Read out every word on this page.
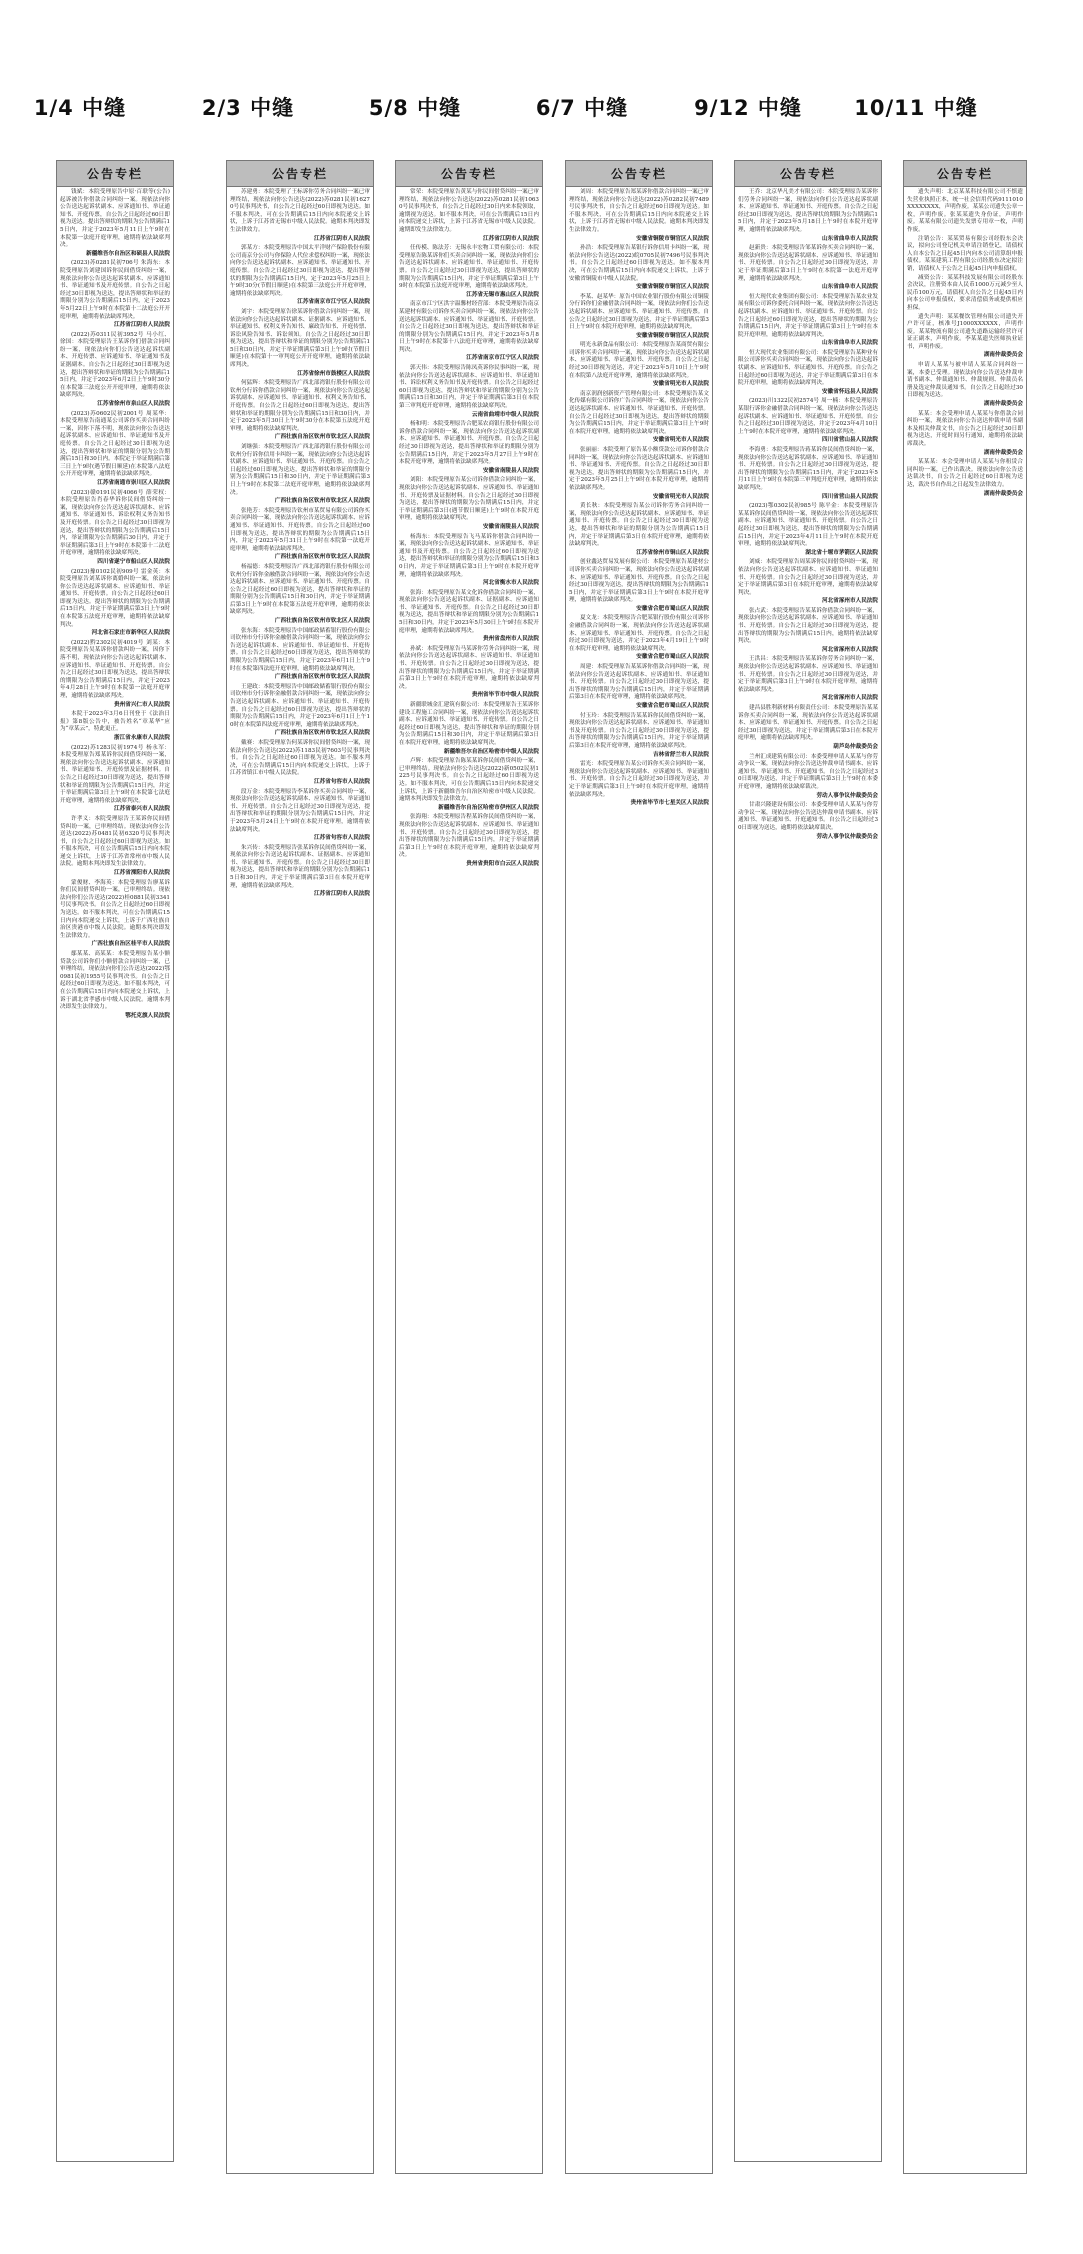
1/4 中缝	2/3 中缝	5/8 中缝	6/7 中缝	9/12 中缝	10/11 中缝
公告专栏

钱斌：本院受理原告中原·百联等(公告)起诉被告你借款合同纠纷一案。现依法向你公告送达起诉状副本、应诉通知书、举证通知书、开庭传票，自公告之日起经过60日即视为送达。提出答辩状的期限为公告期满后15日内，并定于2023年5月11日上午9时在本院第一法庭开庭审理，逾期将依法缺席判决。

新疆维吾尔自治区和硕县人民法院

(2023)苏0281民初706号 朱海东：本院受理原告刘建国诉你民间借贷纠纷一案，现依法向你公告送达起诉状副本、应诉通知书、举证通知书及开庭传票。自公告之日起经过30日即视为送达，提出答辩状和举证的期限分别为公告期满后15日内，定于2023年5月22日上午9时在本院第十二法庭公开开庭审理，逾期将依法缺席判决。

江苏省江阴市人民法院

(2022)苏0311民初3952号 马小红、徐国：本院受理原告王某诉你们借款合同纠纷一案，现依法向你们公告送达起诉状副本、开庭传票、应诉通知书、举证通知书及证据副本。自公告之日起经过30日即视为送达，提出答辩状和举证的期限为公告期满后15日内，并定于2023年6月2日上午9时30分在本院第三法庭公开开庭审理，逾期将依法缺席判决。

江苏省徐州市泉山区人民法院

(2023)苏0602民初2001号 周某华：本院受理原告南通某公司诉你买卖合同纠纷一案，因你下落不明，现依法向你公告送达起诉状副本、应诉通知书、举证通知书及开庭传票。自公告之日起经过30日即视为送达，提出答辩状和举证的期限分别为公告期满后15日和30日内。本院定于举证期满后第三日上午9时(遇节假日顺延)在本院第八法庭公开开庭审理，逾期将依法缺席判决。

江苏省南通市崇川区人民法院

(2023)赣0191民初4066号 薛荣权：本院受理原告肖春华诉你民间借贷纠纷一案，现依法向你公告送达起诉状副本、应诉通知书、举证通知书、诉讼权利义务告知书及开庭传票。自公告之日起经过30日即视为送达，提出答辩状的期限为公告期满后15日内，举证期限为公告期满后30日内，并定于举证期满后第3日上午9时在本院第十二法庭开庭审理，逾期将依法缺席判决。

四川省遂宁市船山区人民法院

(2023)豫0102民初909号 雷金英：本院受理原告刘某诉你离婚纠纷一案，依法向你公告送达起诉状副本、应诉通知书、举证通知书、开庭传票。自公告之日起经过60日即视为送达。提出答辩状的期限为公告期满后15日内，并定于举证期满后第3日上午9时在本院第五法庭开庭审理，逾期将依法缺席判决。

河北省石家庄市新华区人民法院

(2022)黔2302民初4019号 刘某：本院受理原告吴某诉你借款纠纷一案，因你下落不明，现依法向你公告送达起诉状副本、应诉通知书、举证通知书、开庭传票。自公告之日起经过30日即视为送达，提出答辩状的期限为公告期满后15日内，并定于2023年4月28日上午9时在本院第一法庭开庭审理，逾期将依法缺席判决。

贵州省兴仁市人民法院

本院于2023年3月6日刊登于《法治日报》第8版公告中，被告姓名“章某华”应为“章某云”，特此更正。

浙江省永康市人民法院

(2022)苏1283民初1974号 杨永军：本院受理原告郑某诉你民间借贷纠纷一案，现依法向你公告送达起诉状副本、应诉通知书、举证通知书、开庭传票及证据材料。自公告之日起经过30日即视为送达，提出答辩状和举证的期限为公告期满后15日内，并定于举证期满后第3日上午9时在本院第七法庭开庭审理，逾期将依法缺席判决。

江苏省泰兴市人民法院

许孝义：本院受理原告王某诉你民间借贷纠纷一案，已审理终结。现依法向你公告送达(2022)苏0481民初6320号民事判决书，自公告之日起经过60日即视为送达。如不服本判决，可在公告期满后15日内向本院递交上诉状，上诉于江苏省常州市中级人民法院。逾期本判决即发生法律效力。

江苏省溧阳市人民法院

蒙俊财、李海英：本院受理原告廖某诉你们民间借贷纠纷一案，已审理终结。现依法向你们公告送达(2022)桂0881民初3341号民事判决书。自公告之日起经过60日即视为送达。如不服本判决，可在公告期满后15日内向本院递交上诉状，上诉于广西壮族自治区贵港市中级人民法院。逾期本判决即发生法律效力。

广西壮族自治区桂平市人民法院

鄢某某、高某某：本院受理原告某小额贷款公司诉你们小额借款合同纠纷一案，已审理终结，现依法向你们公告送达(2022)鄂0981民初1955号民事判决书。自公告之日起经过60日即视为送达。如不服本判决，可在公告期满后15日内向本院递交上诉状，上诉于湖北省孝感市中级人民法院。逾期本判决即发生法律效力。

鄂托克旗人民法院
公告专栏

苏建勇：本院受理了王标诉你劳务合同纠纷一案已审理终结，现依法向你公告送达(2022)苏0281民初16270号民事判决书，自公告之日起经过60日即视为送达。如不服本判决，可在公告期满后15日内向本院递交上诉状，上诉于江苏省无锡市中级人民法院。逾期本判决即发生法律效力。

江苏省江阴市人民法院

郭某方：本院受理原告中国太平洋财产保险股份有限公司南京分公司与你保险人代位求偿权纠纷一案，现依法向你公告送达起诉状副本、应诉通知书、举证通知书、开庭传票。自公告之日起经过30日即视为送达，提出答辩状的期限为公告期满后15日内，定于2023年5月25日上午9时30分(节假日顺延)在本院第三法庭公开开庭审理，逾期将依法缺席判决。

江苏省南京市江宁区人民法院

刘宇：本院受理原告徐某诉你借款合同纠纷一案，现依法向你公告送达起诉状副本、证据副本、应诉通知书、举证通知书、权利义务告知书、廉政告知书、开庭传票、诉讼风险告知书、诉讼须知。自公告之日起经过30日即视为送达，提出答辩状和举证的期限分别为公告期满后15日和30日内，并定于举证期满后第3日上午9时(节假日顺延)在本院第十一审判庭公开开庭审理，逾期将依法缺席判决。

江苏省徐州市鼓楼区人民法院

何猛辉：本院受理原告广西北部湾银行股份有限公司钦州分行诉你借款合同纠纷一案，现依法向你公告送达起诉状副本、应诉通知书、举证通知书、权利义务告知书、开庭传票。自公告之日起经过60日即视为送达，提出答辩状和举证的期限分别为公告期满后15日和30日内，并定于2023年5月30日上午9时30分在本院第五法庭开庭审理，逾期将依法缺席判决。

广西壮族自治区钦州市钦北区人民法院

刘继强：本院受理原告广西北部湾银行股份有限公司钦州分行诉你信用卡纠纷一案，现依法向你公告送达起诉状副本、应诉通知书、举证通知书、开庭传票。自公告之日起经过60日即视为送达，提出答辩状和举证的期限分别为公告期满后15日和30日内，并定于举证期满后第3日上午9时在本院第二法庭开庭审理，逾期将依法缺席判决。

广西壮族自治区钦州市钦北区人民法院

张艳芳：本院受理原告钦州市某贸易有限公司诉你买卖合同纠纷一案，现依法向你公告送达起诉状副本、应诉通知书、举证通知书、开庭传票。自公告之日起经过60日即视为送达，提出答辩状的期限为公告期满后15日内，并定于2023年5月31日上午9时在本院第一法庭开庭审理，逾期将依法缺席判决。

广西壮族自治区钦州市钦北区人民法院

杨福德：本院受理原告广西北部湾银行股份有限公司钦州分行诉你金融借款合同纠纷一案，现依法向你公告送达起诉状副本、应诉通知书、举证通知书、开庭传票。自公告之日起经过60日即视为送达，提出答辩状和举证的期限分别为公告期满后15日和30日内，并定于举证期满后第3日上午9时在本院第五法庭开庭审理，逾期将依法缺席判决。

广西壮族自治区钦州市钦北区人民法院

张东海：本院受理原告中国邮政储蓄银行股份有限公司钦州市分行诉你金融借款合同纠纷一案，现依法向你公告送达起诉状副本、应诉通知书、举证通知书、开庭传票。自公告之日起经过60日即视为送达，提出答辩状的期限为公告期满后15日内，并定于2023年6月1日上午9时在本院第四法庭开庭审理，逾期将依法缺席判决。

广西壮族自治区钦州市钦北区人民法院

王建政：本院受理原告中国邮政储蓄银行股份有限公司钦州市分行诉你金融借款合同纠纷一案，现依法向你公告送达起诉状副本、应诉通知书、举证通知书、开庭传票。自公告之日起经过60日即视为送达，提出答辩状的期限为公告期满后15日内，并定于2023年6月1日上午10时在本院第四法庭开庭审理，逾期将依法缺席判决。

广西壮族自治区钦州市钦北区人民法院

戴赛：本院受理原告何某诉你民间借贷纠纷一案，现依法向你公告送达(2022)苏1183民初7603号民事判决书。自公告之日起经过60日即视为送达。如不服本判决，可在公告期满后15日内向本院递交上诉状，上诉于江苏省镇江市中级人民法院。

江苏省句容市人民法院

段万金：本院受理原告李某诉你买卖合同纠纷一案，现依法向你公告送达起诉状副本、应诉通知书、举证通知书、开庭传票。自公告之日起经过30日即视为送达，提出答辩状和举证的期限分别为公告期满后15日内，并定于2023年5月24日上午9时在本院开庭审理，逾期将依法缺席判决。

江苏省句容市人民法院

朱兴传：本院受理原告张某诉你民间借贷纠纷一案，现依法向你公告送达起诉状副本、证据副本、应诉通知书、举证通知书、开庭传票。自公告之日起经过30日即视为送达，提出答辩状和举证的期限分别为公告期满后15日和30日内，并定于举证期满后第3日在本院开庭审理，逾期将依法缺席判决。

江苏省江阴市人民法院
公告专栏

常荣：本院受理原告黄某与你民间借贷纠纷一案已审理终结，现依法向你公告送达(2022)苏0281民初10630号民事判决书，自公告之日起经过30日内来本院领取，逾期视为送达。如不服本判决，可在公告期满后15日内向本院递交上诉状，上诉于江苏省无锡市中级人民法院。逾期即发生法律效力。

江苏省江阴市人民法院

任传模、陈法芳：无锡永丰宏物工贸有限公司：本院受理原告陈某诉你们买卖合同纠纷一案，现依法向你们公告送达起诉状副本、应诉通知书、举证通知书、开庭传票。自公告之日起经过30日即视为送达，提出答辩状的期限为公告期满后15日内，并定于举证期满后第3日上午9时在本院第五法庭开庭审理，逾期将依法缺席判决。

江苏省无锡市惠山区人民法院

南京市江宁区洪宇温馨材经营部：本院受理原告南京某建材有限公司诉你买卖合同纠纷一案，现依法向你公告送达起诉状副本、应诉通知书、举证通知书、开庭传票。自公告之日起经过30日即视为送达，提出答辩状和举证的期限分别为公告期满后15日内，并定于2023年5月8日上午9时在本院第十八法庭开庭审理，逾期将依法缺席判决。

江苏省南京市江宁区人民法院

郭天伟：本院受理原告陈凤英诉你民事纠纷一案，现依法向你公告送达起诉状副本、应诉通知书、举证通知书、诉讼权利义务告知书及开庭传票。自公告之日起经过60日即视为送达，提出答辩状和举证的期限分别为公告期满后15日和30日内，并定于举证期满后第3日在本院第三审判庭开庭审理，逾期将依法缺席判决。

云南省曲靖市中级人民法院

杨和明：本院受理原告合肥某农商银行股份有限公司诉你借款合同纠纷一案，现依法向你公告送达起诉状副本、应诉通知书、举证通知书、开庭传票。自公告之日起经过30日即视为送达，提出答辩状和举证的期限分别为公告期满后15日内，并定于2023年5月27日上午9时在本院开庭审理，逾期将依法缺席判决。

安徽省南陵县人民法院

刘阳：本院受理原告某公司诉你借款合同纠纷一案，现依法向你公告送达起诉状副本、应诉通知书、举证通知书、开庭传票及证据材料。自公告之日起经过30日即视为送达，提出答辩状的期限为公告期满后15日内，并定于举证期满后第3日(遇节假日顺延)上午9时在本院开庭审理，逾期将依法缺席判决。

安徽省南陵县人民法院

杨海东：本院受理原告飞马某诉你借款合同纠纷一案，现依法向你公告送达起诉状副本、应诉通知书、举证通知书及开庭传票。自公告之日起经过60日即视为送达，提出答辩状和举证的期限分别为公告期满后15日和30日内，并定于举证期满后第3日上午9时在本院开庭审理，逾期将依法缺席判决。

河北省衡水市人民法院

张海：本院受理原告某文化诉你借款合同纠纷一案，现依法向你公告送达起诉状副本、证据副本、应诉通知书、举证通知书、开庭传票。自公告之日起经过30日即视为送达，提出答辩状和举证的期限分别为公告期满后15日和30日内，并定于2023年5月30日上午9时在本院开庭审理，逾期将依法缺席判决。

贵州省盘州市人民法院

孙斌：本院受理原告马某诉你劳务合同纠纷一案，现依法向你公告送达起诉状副本、应诉通知书、举证通知书、开庭传票。自公告之日起经过30日即视为送达，提出答辩状的期限为公告期满后15日内，并定于举证期满后第3日上午9时在本院开庭审理，逾期将依法缺席判决。

贵州省毕节市中级人民法院

新疆联城金汇建筑有限公司：本院受理原告王某诉你建设工程施工合同纠纷一案，现依法向你公告送达起诉状副本、应诉通知书、举证通知书、开庭传票。自公告之日起经过60日即视为送达，提出答辩状和举证的期限分别为公告期满后15日和30日内，并定于举证期满后第3日在本院开庭审理，逾期将依法缺席判决。

新疆维吾尔自治区哈密市中级人民法院

卢辉：本院受理原告陈某某诉你民间借贷纠纷一案，已审理终结。现依法向你公告送达(2022)新0502民初1225号民事判决书。自公告之日起经过60日即视为送达。如不服本判决，可在公告期满后15日内向本院递交上诉状，上诉于新疆维吾尔自治区哈密市中级人民法院。逾期本判决即发生法律效力。

新疆维吾尔自治区哈密市伊州区人民法院

张海翔：本院受理原告程某诉你民间借贷纠纷一案，现依法向你公告送达起诉状副本、应诉通知书、举证通知书、开庭传票。自公告之日起经过30日即视为送达，提出答辩状的期限为公告期满后15日内，并定于举证期满后第3日上午9时在本院开庭审理，逾期将依法缺席判决。

贵州省贵阳市白云区人民法院
公告专栏

刘周：本院受理原告郑某诉你借款合同纠纷一案已审理终结，现依法向你公告送达(2022)苏0282民初7489号民事判决书，自公告之日起经过60日即视为送达。如不服本判决，可在公告期满后15日内向本院递交上诉状，上诉于江苏省无锡市中级人民法院。逾期本判决即发生法律效力。

安徽省铜陵市铜官区人民法院

孙浩：本院受理原告某银行诉你信用卡纠纷一案，现依法向你公告送达(2022)皖0705民初7496号民事判决书。自公告之日起经过60日即视为送达。如不服本判决，可在公告期满后15日内向本院递交上诉状，上诉于安徽省铜陵市中级人民法院。

安徽省铜陵市铜官区人民法院

李某、赵某华：原告中国农业银行股份有限公司铜陵分行诉你们金融借款合同纠纷一案，现依法向你们公告送达起诉状副本、应诉通知书、举证通知书、开庭传票。自公告之日起经过30日即视为送达，并定于举证期满后第3日上午9时在本院开庭审理，逾期将依法缺席判决。

安徽省铜陵市铜官区人民法院

明光永新食品有限公司：本院受理原告某商贸有限公司诉你买卖合同纠纷一案，现依法向你公告送达起诉状副本、应诉通知书、举证通知书、开庭传票。自公告之日起经过30日即视为送达，并定于2023年5月10日上午9时在本院第八法庭开庭审理，逾期将依法缺席判决。

安徽省明光市人民法院

南京润润创新资产管理有限公司：本院受理原告某文化传媒有限公司诉你广告合同纠纷一案，现依法向你公告送达起诉状副本、应诉通知书、举证通知书、开庭传票。自公告之日起经过30日即视为送达，提出答辩状的期限为公告期满后15日内，并定于举证期满后第3日上午9时在本院开庭审理，逾期将依法缺席判决。

安徽省明光市人民法院

张丽丽：本院受理了原告某小额贷款公司诉你借款合同纠纷一案，现依法向你公告送达起诉状副本、应诉通知书、举证通知书、开庭传票。自公告之日起经过30日即视为送达，提出答辩状的期限为公告期满后15日内，并定于2023年5月25日上午9时在本院开庭审理，逾期将依法缺席判决。

安徽省明光市人民法院

黄长秋：本院受理原告某公司诉你劳务合同纠纷一案，现依法向你公告送达起诉状副本、应诉通知书、举证通知书、开庭传票。自公告之日起经过30日即视为送达，提出答辩状和举证的期限分别为公告期满后15日内，并定于举证期满后第3日在本院开庭审理，逾期将依法缺席判决。

江苏省徐州市铜山区人民法院

创业鑫达贸易发展有限公司：本院受理原告某建材公司诉你买卖合同纠纷一案，现依法向你公告送达起诉状副本、应诉通知书、举证通知书、开庭传票。自公告之日起经过30日即视为送达，提出答辩状的期限为公告期满后15日内，并定于举证期满后第3日上午9时在本院开庭审理，逾期将依法缺席判决。

安徽省合肥市蜀山区人民法院

夏文龙：本院受理原告合肥某银行股份有限公司诉你金融借款合同纠纷一案，现依法向你公告送达起诉状副本、应诉通知书、举证通知书、开庭传票。自公告之日起经过30日即视为送达，并定于2023年4月19日上午9时在本院开庭审理，逾期将依法缺席判决。

安徽省合肥市蜀山区人民法院

周建：本院受理原告某某诉你借款合同纠纷一案，现依法向你公告送达起诉状副本、应诉通知书、举证通知书、开庭传票。自公告之日起经过30日即视为送达，提出答辩状的期限为公告期满后15日内，并定于举证期满后第3日在本院开庭审理，逾期将依法缺席判决。

安徽省合肥市蜀山区人民法院

付玉玲：本院受理原告某某诉你民间借贷纠纷一案，现依法向你公告送达起诉状副本、应诉通知书、举证通知书及开庭传票。自公告之日起经过30日即视为送达，提出答辩状的期限为公告期满后15日内，并定于举证期满后第3日在本院开庭审理，逾期将依法缺席判决。

吉林省舒兰市人民法院

雷光：本院受理原告某公司诉你买卖合同纠纷一案，现依法向你公告送达起诉状副本、应诉通知书、举证通知书、开庭传票。自公告之日起经过30日即视为送达，并定于举证期满后第3日上午9时在本院开庭审理，逾期将依法缺席判决。

贵州省毕节市七星关区人民法院
公告专栏

王乔：北京华凡美才有限公司：本院受理原告某诉你们劳务合同纠纷一案，现依法向你们公告送达起诉状副本、应诉通知书、举证通知书、开庭传票。自公告之日起经过30日即视为送达，提出答辩状的期限为公告期满后15日内，并定于2023年5月18日上午9时在本院开庭审理，逾期将依法缺席判决。

山东省曲阜市人民法院

赵新贵：本院受理原告邹某诉你买卖合同纠纷一案，现依法向你公告送达起诉状副本、应诉通知书、举证通知书、开庭传票。自公告之日起经过30日即视为送达，并定于举证期满后第3日上午9时在本院第一法庭开庭审理，逾期将依法缺席判决。

山东省曲阜市人民法院

恒大现代农业集团有限公司：本院受理原告某农业发展有限公司诉你委托合同纠纷一案，现依法向你公告送达起诉状副本、应诉通知书、举证通知书、开庭传票。自公告之日起经过60日即视为送达，提出答辩状的期限为公告期满后15日内，并定于举证期满后第3日上午9时在本院开庭审理，逾期将依法缺席判决。

山东省曲阜市人民法院

恒大现代农业集团有限公司：本院受理原告某种业有限公司诉你买卖合同纠纷一案，现依法向你公告送达起诉状副本、应诉通知书、举证通知书、开庭传票。自公告之日起经过60日即视为送达，并定于举证期满后第3日在本院开庭审理，逾期将依法缺席判决。

安徽省怀远县人民法院

(2023)川1322民初2574号 周一楠：本院受理原告某银行诉你金融借款合同纠纷一案，现依法向你公告送达起诉状副本、应诉通知书、举证通知书、开庭传票。自公告之日起经过30日即视为送达，并定于2023年4月10日上午9时在本院开庭审理，逾期将依法缺席判决。

四川省营山县人民法院

李海勇：本院受理原告蒋某诉你民间借贷纠纷一案，现依法向你公告送达起诉状副本、应诉通知书、举证通知书、开庭传票。自公告之日起经过30日即视为送达，提出答辩状的期限为公告期满后15日内，并定于2023年5月11日上午9时在本院第三审判庭开庭审理，逾期将依法缺席判决。

四川省营山县人民法院

(2023)鄂0302民初985号 陈平金：本院受理原告某某诉你民间借贷纠纷一案，现依法向你公告送达起诉状副本、应诉通知书、举证通知书、开庭传票。自公告之日起经过30日即视为送达，提出答辩状的期限为公告期满后15日内，并定于2023年4月11日上午9时在本院开庭审理，逾期将依法缺席判决。

湖北省十堰市茅箭区人民法院

刘威：本院受理原告周某诉你民间借贷纠纷一案，现依法向你公告送达起诉状副本、应诉通知书、举证通知书、开庭传票。自公告之日起经过30日即视为送达，并定于举证期满后第3日在本院开庭审理，逾期将依法缺席判决。

河北省涿州市人民法院

张占武：本院受理原告某某诉你借款合同纠纷一案，现依法向你公告送达起诉状副本、应诉通知书、举证通知书、开庭传票。自公告之日起经过30日即视为送达，提出答辩状的期限为公告期满后15日内，逾期将依法缺席判决。

河北省涿州市人民法院

王洪昌：本院受理原告某某诉你劳务合同纠纷一案，现依法向你公告送达起诉状副本、应诉通知书、举证通知书、开庭传票。自公告之日起经过30日即视为送达，并定于举证期满后第3日上午9时在本院开庭审理，逾期将依法缺席判决。

河北省涿州市人民法院

建昌县胜利新材料有限责任公司：本院受理原告某某诉你买卖合同纠纷一案，现依法向你公告送达起诉状副本、应诉通知书、举证通知书、开庭传票。自公告之日起经过30日即视为送达，并定于举证期满后第3日在本院开庭审理，逾期将依法缺席判决。

葫芦岛仲裁委员会

兰州汇成建筑有限公司：本委受理申请人某某与你劳动争议一案，现依法向你公告送达仲裁申请书副本、应诉通知书、举证通知书、开庭通知书。自公告之日起经过30日即视为送达，并定于举证期满后第3日上午9时在本委开庭审理，逾期将依法缺席裁决。

劳动人事争议仲裁委员会

甘肃兴隆建设有限公司：本委受理申请人某某与你劳动争议一案，现依法向你公告送达仲裁申请书副本、应诉通知书、举证通知书、开庭通知书。自公告之日起经过30日即视为送达，逾期将依法缺席裁决。

劳动人事争议仲裁委员会
公告专栏

遗失声明：北京某某科技有限公司不慎遗失营业执照正本，统一社会信用代码9111010XXXXXXXX，声明作废。某某公司遗失公章一枚，声明作废。张某某遗失身份证，声明作废。某某有限公司遗失发票专用章一枚，声明作废。

注销公告：某某贸易有限公司经股东会决议，拟向公司登记机关申请注销登记，请债权人自本公告之日起45日内向本公司清算组申报债权。某某建筑工程有限公司经股东决定拟注销，请债权人于公告之日起45日内申报债权。

减资公告：某某科技发展有限公司经股东会决议，注册资本由人民币1000万元减少至人民币100万元，请债权人自公告之日起45日内向本公司申报债权，要求清偿债务或提供相应担保。

遗失声明：某某餐饮管理有限公司遗失开户许可证，核准号J1000XXXXXX，声明作废。某某物流有限公司遗失道路运输经营许可证正副本，声明作废。李某某遗失医师执业证书，声明作废。

湖南仲裁委员会

申请人某某与被申请人某某合同纠纷一案，本委已受理。现依法向你公告送达仲裁申请书副本、仲裁通知书、仲裁规则、仲裁员名册及选定仲裁员通知书。自公告之日起经过30日即视为送达。

湖南仲裁委员会

某某：本会受理申请人某某与你借款合同纠纷一案，现依法向你公告送达仲裁申请书副本及相关仲裁文书，自公告之日起经过30日即视为送达，开庭时间另行通知，逾期将依法缺席裁决。

湖南仲裁委员会

某某某：本会受理申请人某某与你租赁合同纠纷一案，已作出裁决。现依法向你公告送达裁决书，自公告之日起经过60日即视为送达，裁决书自作出之日起发生法律效力。

湖南仲裁委员会
